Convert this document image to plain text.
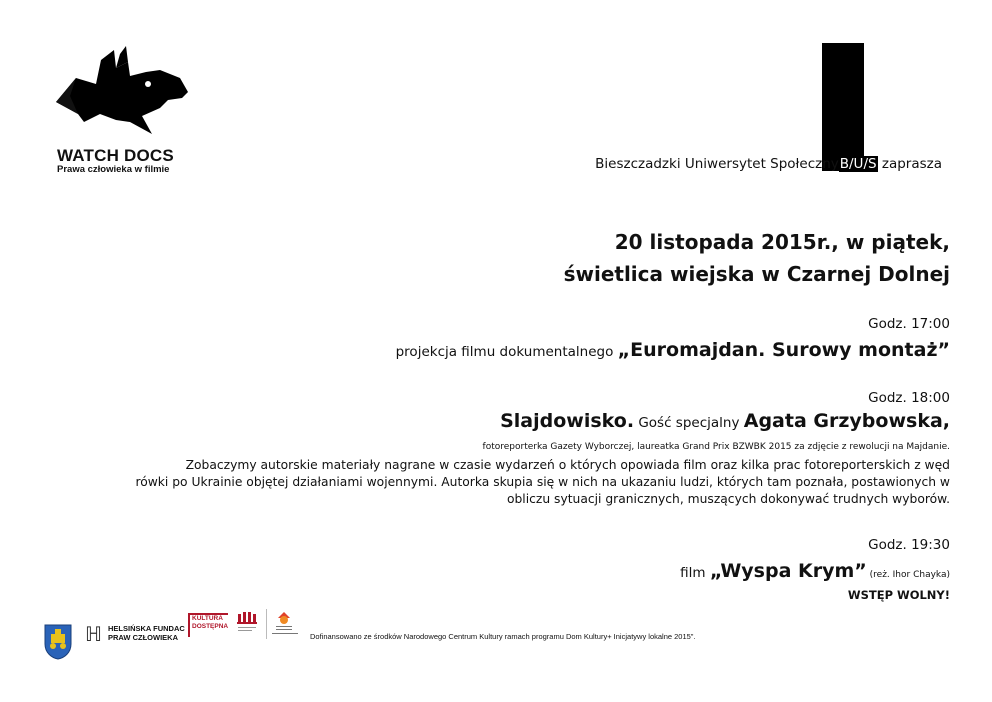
WATCH DOCS
Prawa człowieka w filmie	Bieszczadzki Uniwersytet SpołecznyB/U/S zaprasza
20 listopada 2015r., w piątek,
świetlica wiejska w Czarnej Dolnej
Godz. 17:00
projekcja filmu dokumentalnego „Euromajdan. Surowy montaż”
Godz. 18:00
Slajdowisko. Gość specjalny Agata Grzybowska,
fotoreporterka Gazety Wyborczej, laureatka Grand Prix BZWBK 2015 za zdjęcie z rewolucji na Majdanie.
Zobaczymy autorskie materiały nagrane w czasie wydarzeń o których opowiada film oraz kilka prac fotoreporterskich z węd
rówki po Ukrainie objętej działaniami wojennymi. Autorka skupia się w nich na ukazaniu ludzi, których tam poznała, postawionych w
obliczu sytuacji granicznych, muszących dokonywać trudnych wyborów.
Godz. 19:30
film „Wyspa Krym” (reż. Ihor Chayka)
WSTĘP WOLNY!
ℍ HELSIŃSKA FUNDAC
PRAW CZŁOWIEKA
KULTURA
DOSTĘPNA
Dofinansowano ze środków Narodowego Centrum Kultury ramach programu Dom Kultury+ Inicjatywy lokalne 2015".
